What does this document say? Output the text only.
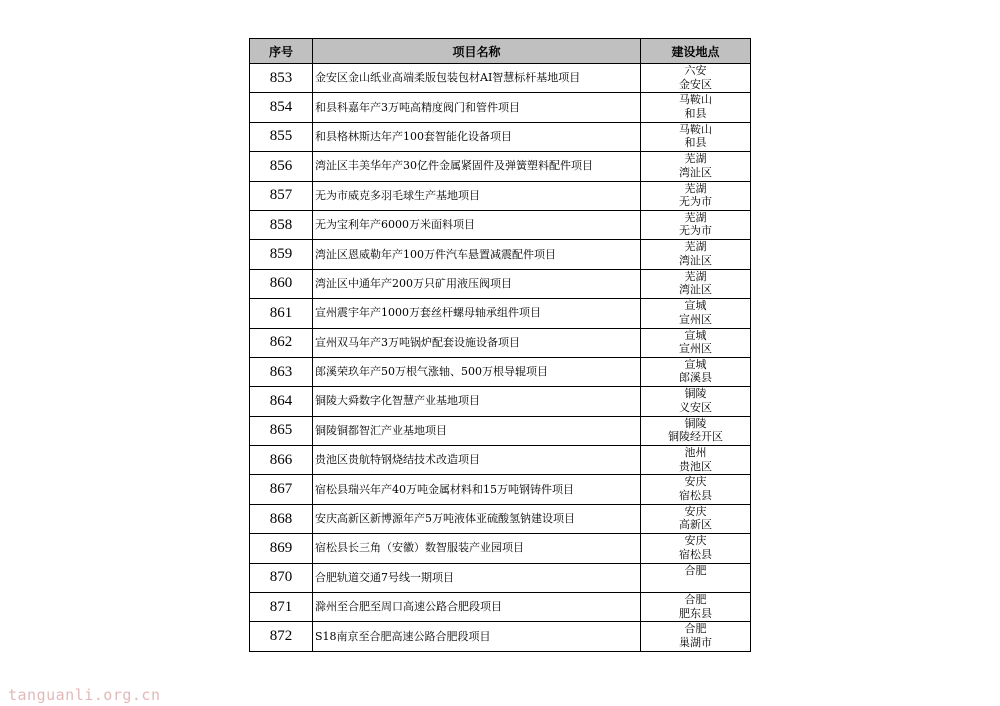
序号	项目名称	建设地点
853	金安区金山纸业高端柔版包装包材AI智慧标杆基地项目	六安
金安区

854	和县科嘉年产3万吨高精度阀门和管件项目	马鞍山
和县

855	和县格林斯达年产100套智能化设备项目	马鞍山
和县

856	湾沚区丰美华年产30亿件金属紧固件及弹簧塑料配件项目	芜湖
湾沚区

857	无为市威克多羽毛球生产基地项目	芜湖
无为市

858	无为宝利年产6000万米面料项目	芜湖
无为市

859	湾沚区恩威勒年产100万件汽车悬置减震配件项目	芜湖
湾沚区

860	湾沚区中通年产200万只矿用液压阀项目	芜湖
湾沚区

861	宣州震宇年产1000万套丝杆螺母轴承组件项目	宣城
宣州区

862	宣州双马年产3万吨锅炉配套设施设备项目	宣城
宣州区

863	郎溪荣玖年产50万根气涨轴、500万根导辊项目	宣城
郎溪县

864	铜陵大舜数字化智慧产业基地项目	铜陵
义安区

865	铜陵铜都智汇产业基地项目	铜陵
铜陵经开区

866	贵池区贵航特钢烧结技术改造项目	池州
贵池区

867	宿松县瑞兴年产40万吨金属材料和15万吨钢铸件项目	安庆
宿松县

868	安庆高新区新博源年产5万吨液体亚硫酸氢钠建设项目	安庆
高新区

869	宿松县长三角（安徽）数智服装产业园项目	安庆
宿松县

870	合肥轨道交通7号线一期项目	合肥

871	滁州至合肥至周口高速公路合肥段项目	合肥
肥东县

872	S18南京至合肥高速公路合肥段项目	合肥
巢湖市
tanguanli.org.cn
